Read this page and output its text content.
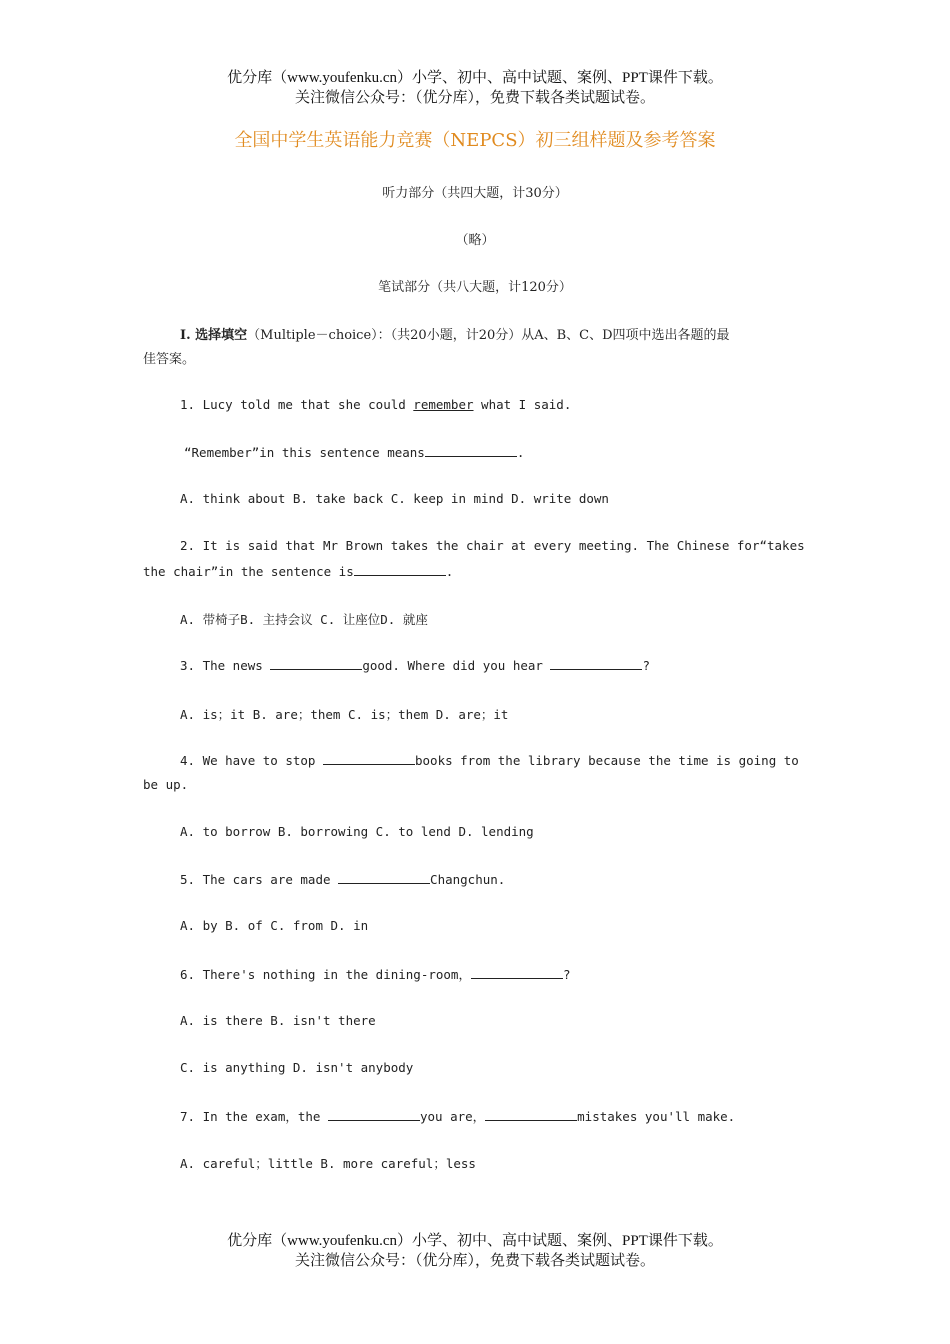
优分库（www.youfenku.cn）小学、初中、高中试题、案例、PPT课件下载。
关注微信公众号：（优分库），免费下载各类试题试卷。
全国中学生英语能力竞赛（NEPCS）初三组样题及参考答案
听力部分（共四大题，计30分）
（略）
笔试部分（共八大题，计120分）
I. 选择填空（Multiple－choice）：（共20小题，计20分）从A、B、C、D四项中选出各题的最
佳答案。
1. Lucy told me that she could remember what I said.
“Remember”in this sentence means	.
A. think about B. take back C. keep in mind D. write down
2. It is said that Mr Brown takes the chair at every meeting. The Chinese for“takes
the chair”in the sentence is	.
A. 带椅子B. 主持会议 C. 让座位D. 就座
3. The news	good. Where did you hear	?
A. is；it B. are；them C. is；them D. are；it
4. We have to stop	books from the library because the time is going to
be up.
A. to borrow B. borrowing C. to lend D. lending
5. The cars are made	Changchun.
A. by B. of C. from D. in
6. There's nothing in the dining-room，	?
A. is there B. isn't there
C. is anything D. isn't anybody
7. In the exam，the	you are，	mistakes you'll make.
A. careful；little B. more careful；less
优分库（www.youfenku.cn）小学、初中、高中试题、案例、PPT课件下载。
关注微信公众号：（优分库），免费下载各类试题试卷。
